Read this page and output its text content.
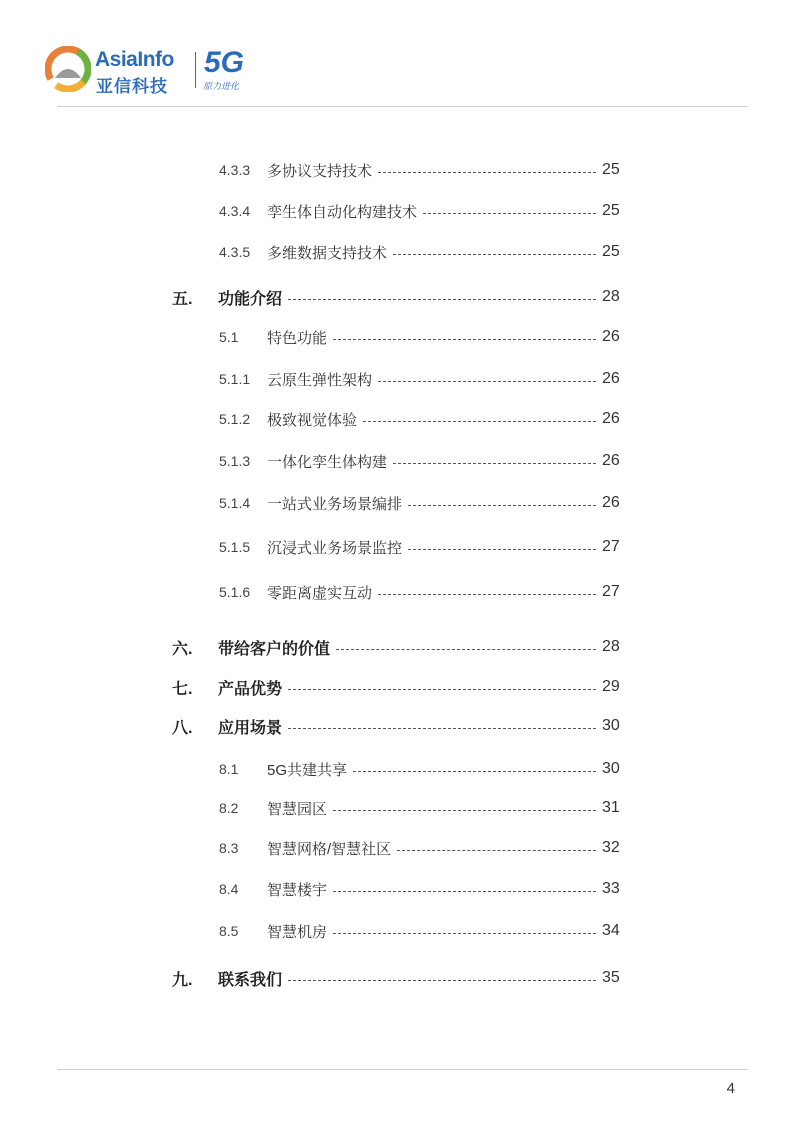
AsiaInfo
亚信科技
5G
原力进化
4.3.3 多协议支持技术	25
4.3.4 孪生体自动化构建技术	25
4.3.5 多维数据支持技术	25
五. 功能介绍	28
5.1 特色功能	26
5.1.1 云原生弹性架构	26
5.1.2 极致视觉体验	26
5.1.3 一体化孪生体构建	26
5.1.4 一站式业务场景编排	26
5.1.5 沉浸式业务场景监控	27
5.1.6 零距离虚实互动	27
六. 带给客户的价值	28
七. 产品优势	29
八. 应用场景	30
8.1 5G共建共享	30
8.2 智慧园区	31
8.3 智慧网格/智慧社区	32
8.4 智慧楼宇	33
8.5 智慧机房	34
九. 联系我们	35
4
